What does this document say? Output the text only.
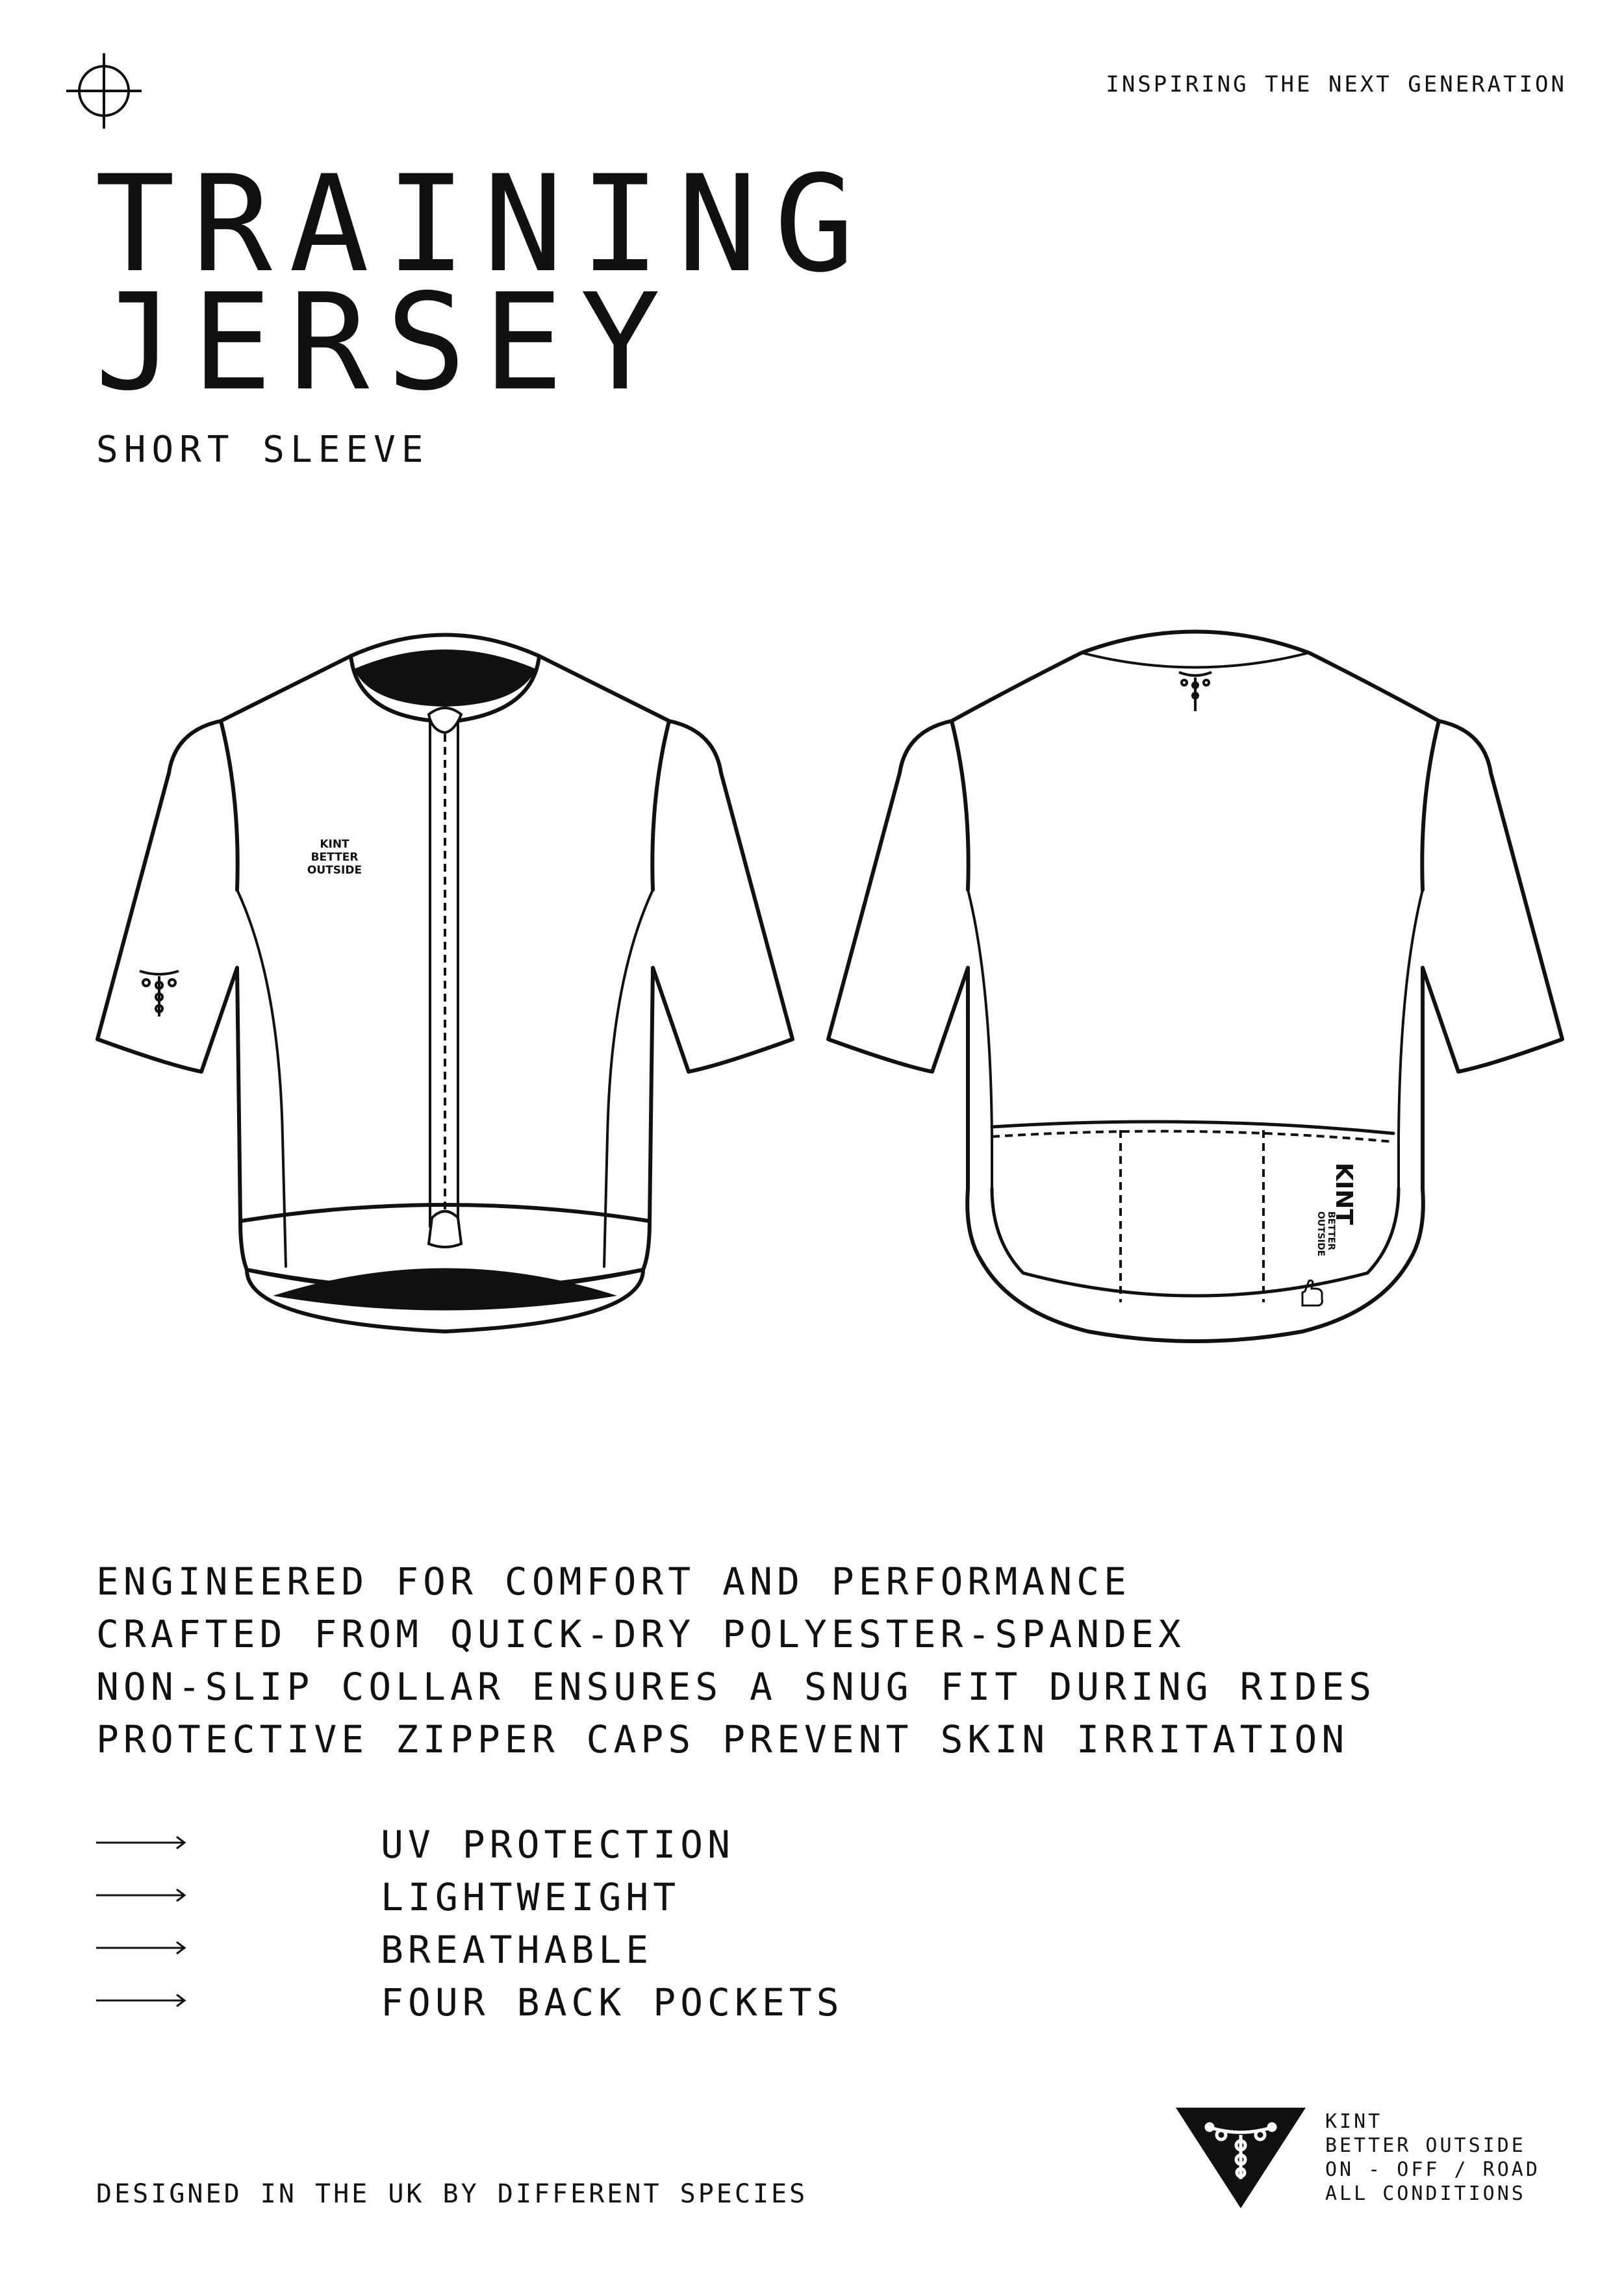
INSPIRING THE NEXT GENERATION
TRAINING
JERSEY
SHORT SLEEVE
KINT
BETTER
OUTSIDE
KINT
BETTER
OUTSIDE
ENGINEERED FOR COMFORT AND PERFORMANCE
CRAFTED FROM QUICK-DRY POLYESTER-SPANDEX
NON-SLIP COLLAR ENSURES A SNUG FIT DURING RIDES
PROTECTIVE ZIPPER CAPS PREVENT SKIN IRRITATION
UV PROTECTION
LIGHTWEIGHT
BREATHABLE
FOUR BACK POCKETS
DESIGNED IN THE UK BY DIFFERENT SPECIES
KINT
BETTER OUTSIDE
ON - OFF / ROAD
ALL CONDITIONS
